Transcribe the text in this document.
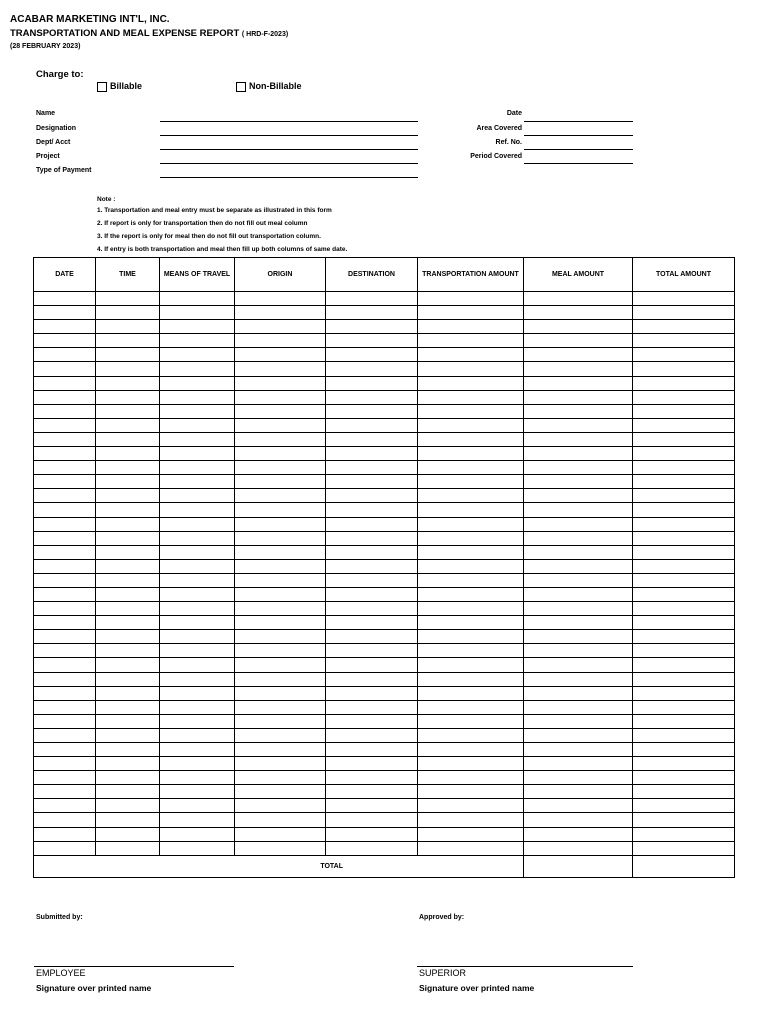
ACABAR MARKETING INT'L, INC.
TRANSPORTATION AND MEAL EXPENSE REPORT ( HRD-F-2023)
(28 FEBRUARY 2023)
Charge to:
Billable	Non-Billable
Name
Designation
Dept/ Acct
Project
Type of Payment
Date
Area Covered
Ref. No.
Period Covered
Note :
1. Transportation and meal entry must be separate as illustrated in this form
2. If report is only for transportation then do not fill out meal column
3. If the report is only for meal then do not fill out transportation column.
4. If entry is both transportation and meal then fill up both columns of same date.
DATE	TIME	MEANS OF TRAVEL	ORIGIN	DESTINATION	TRANSPORTATION AMOUNT	MEAL AMOUNT	TOTAL AMOUNT

TOTAL							
Submitted by:	Approved by:
EMPLOYEE
Signature over printed name
SUPERIOR
Signature over printed name
